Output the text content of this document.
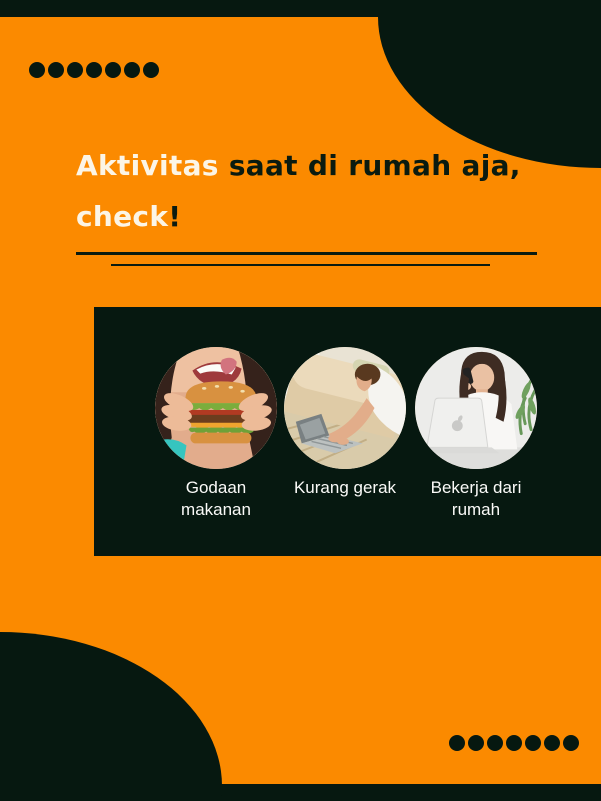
Aktivitas saat di rumah aja,
check!
Godaan makanan
Kurang gerak	Bekerja dari rumah
